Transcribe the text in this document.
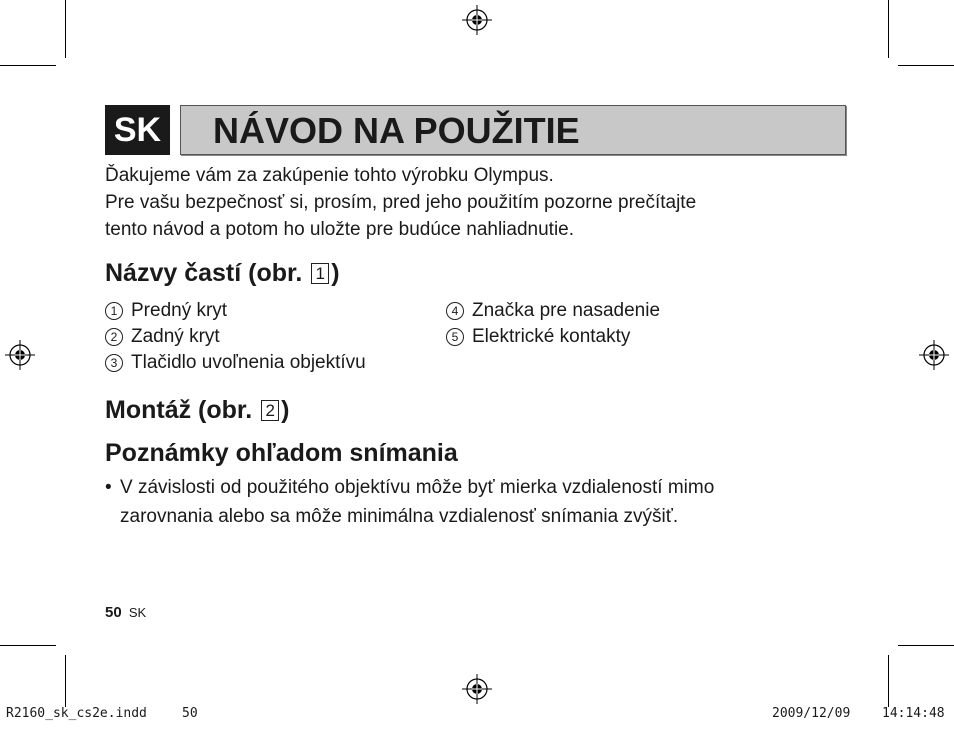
SK NÁVOD NA POUŽITIE
Ďakujeme vám za zakúpenie tohto výrobku Olympus.
Pre vašu bezpečnosť si, prosím, pred jeho použitím pozorne prečítajte
tento návod a potom ho uložte pre budúce nahliadnutie.
Názvy častí (obr. 1 )
1 Predný kryt
2 Zadný kryt
3 Tlačidlo uvoľnenia objektívu
4 Značka pre nasadenie
5 Elektrické kontakty
Montáž (obr. 2 )
Poznámky ohľadom snímania
• V závislosti od použitého objektívu môže byť mierka vzdialeností mimo
zarovnania alebo sa môže minimálna vzdialenosť snímania zvýšiť.
50 SK
R2160_sk_cs2e.indd	50	2009/12/09 14:14:48
